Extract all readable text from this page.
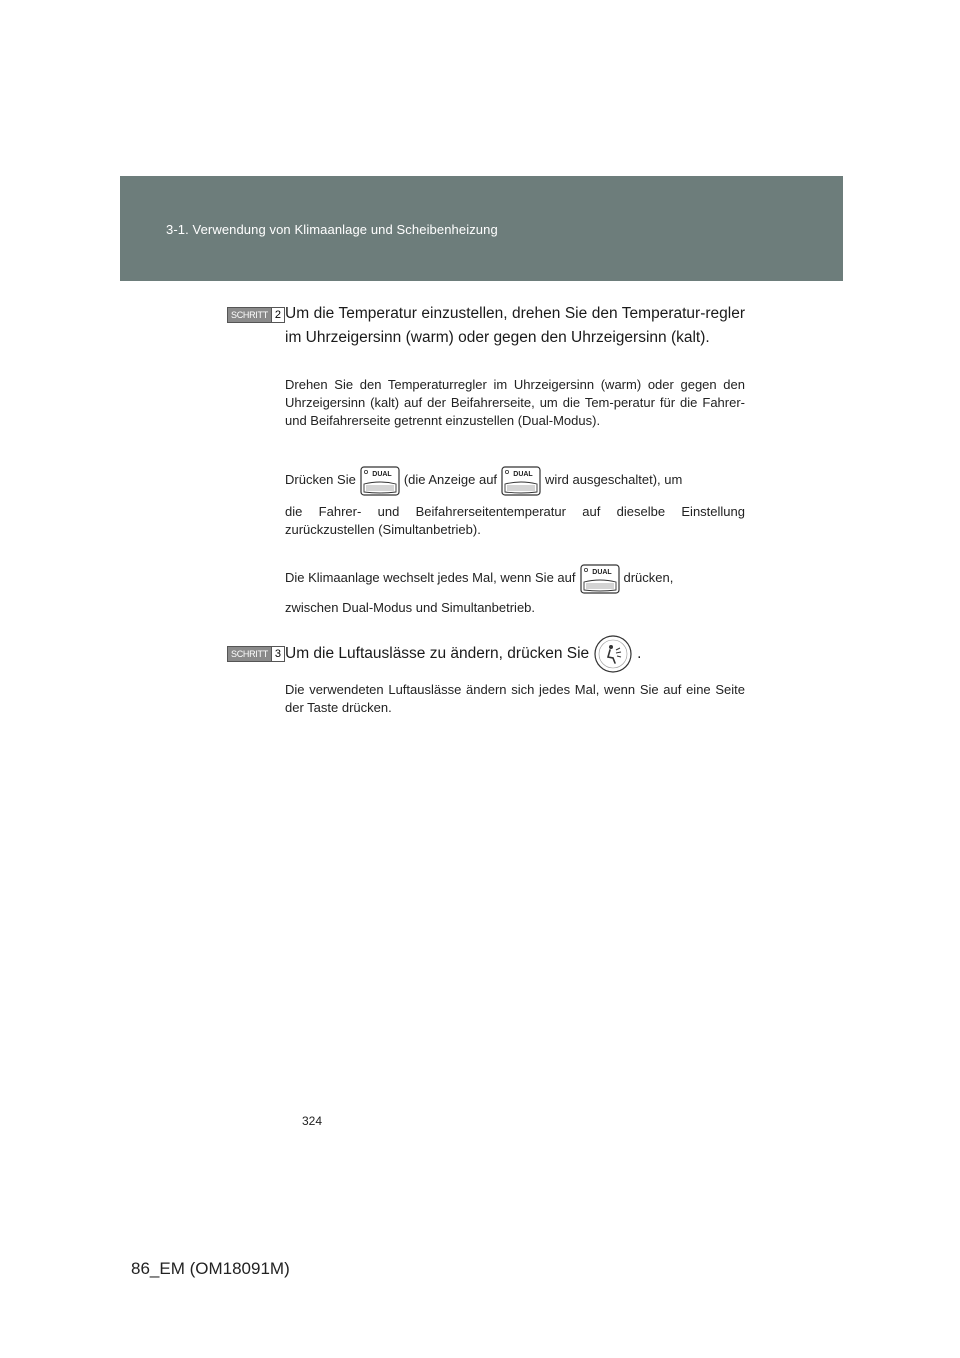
3-1. Verwendung von Klimaanlage und Scheibenheizung
SCHRITT 2 Um die Temperatur einzustellen, drehen Sie den Temperatur-regler im Uhrzeigersinn (warm) oder gegen den Uhrzeigersinn (kalt).
Drehen Sie den Temperaturregler im Uhrzeigersinn (warm) oder gegen den Uhrzeigersinn (kalt) auf der Beifahrerseite, um die Tem-peratur für die Fahrer- und Beifahrerseite getrennt einzustellen (Dual-Modus).
Drücken Sie DUAL (die Anzeige auf DUAL wird ausgeschaltet), um
die Fahrer- und Beifahrerseitentemperatur auf dieselbe Einstellung zurückzustellen (Simultanbetrieb).
Die Klimaanlage wechselt jedes Mal, wenn Sie auf DUAL drücken,
zwischen Dual-Modus und Simultanbetrieb.
SCHRITT 3 Um die Luftauslässe zu ändern, drücken Sie	.
Die verwendeten Luftauslässe ändern sich jedes Mal, wenn Sie auf eine Seite der Taste drücken.
324
86_EM (OM18091M)
